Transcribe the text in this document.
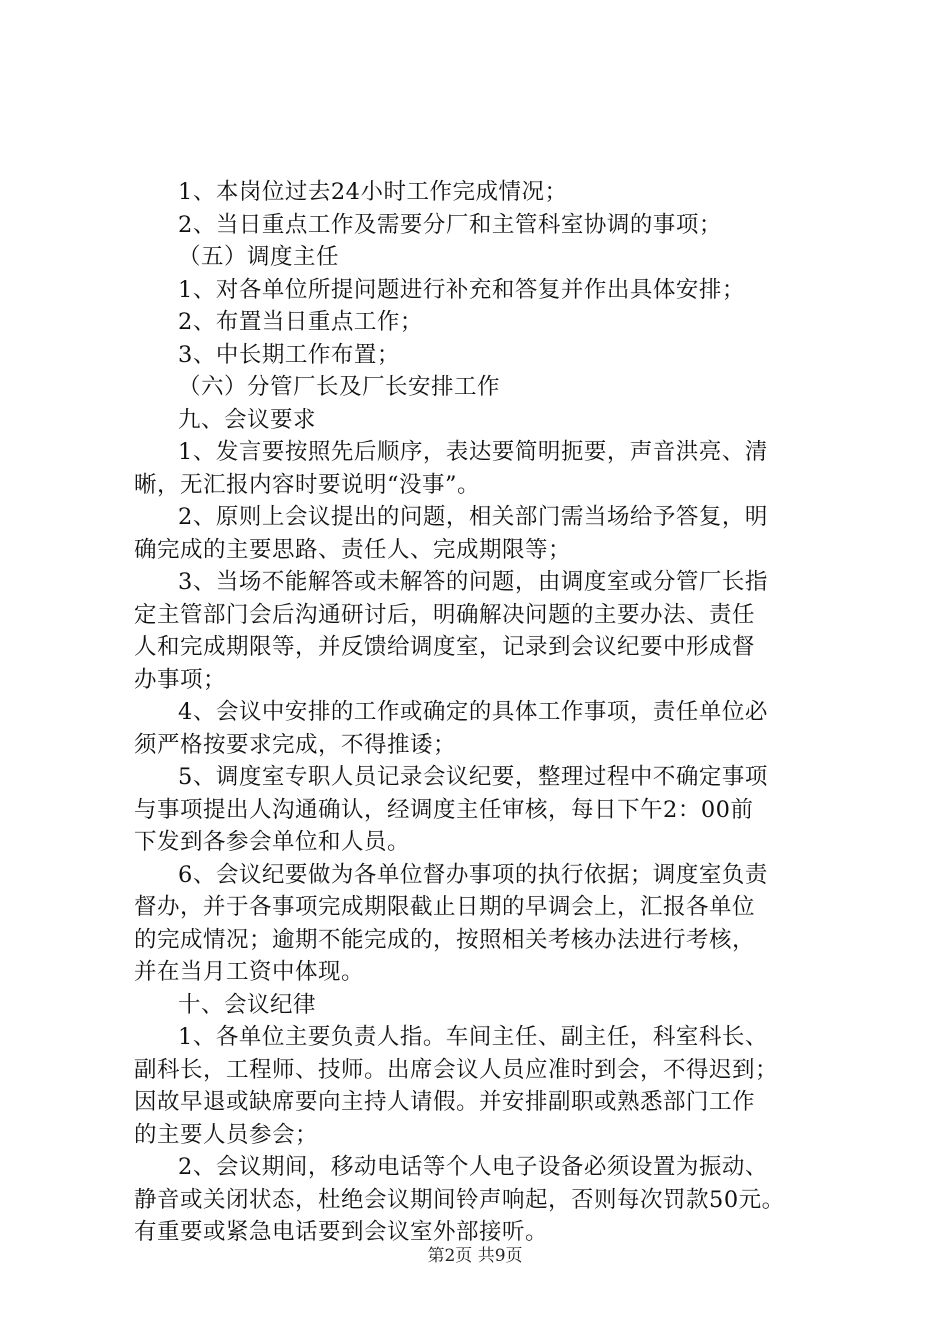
1、本岗位过去24小时工作完成情况；
2、当日重点工作及需要分厂和主管科室协调的事项；
（五）调度主任
1、对各单位所提问题进行补充和答复并作出具体安排；
2、布置当日重点工作；
3、中长期工作布置；
（六）分管厂长及厂长安排工作
九、会议要求
1、发言要按照先后顺序，表达要简明扼要，声音洪亮、清
晰，无汇报内容时要说明“没事”。
2、原则上会议提出的问题，相关部门需当场给予答复，明
确完成的主要思路、责任人、完成期限等；
3、当场不能解答或未解答的问题，由调度室或分管厂长指
定主管部门会后沟通研讨后，明确解决问题的主要办法、责任
人和完成期限等，并反馈给调度室，记录到会议纪要中形成督
办事项；
4、会议中安排的工作或确定的具体工作事项，责任单位必
须严格按要求完成，不得推诿；
5、调度室专职人员记录会议纪要，整理过程中不确定事项
与事项提出人沟通确认，经调度主任审核，每日下午2：00前
下发到各参会单位和人员。
6、会议纪要做为各单位督办事项的执行依据；调度室负责
督办，并于各事项完成期限截止日期的早调会上，汇报各单位
的完成情况；逾期不能完成的，按照相关考核办法进行考核，
并在当月工资中体现。
十、会议纪律
1、各单位主要负责人指。车间主任、副主任，科室科长、
副科长，工程师、技师。出席会议人员应准时到会，不得迟到；
因故早退或缺席要向主持人请假。并安排副职或熟悉部门工作
的主要人员参会；
2、会议期间，移动电话等个人电子设备必须设置为振动、
静音或关闭状态，杜绝会议期间铃声响起，否则每次罚款50元。
有重要或紧急电话要到会议室外部接听。
第2页 共9页
